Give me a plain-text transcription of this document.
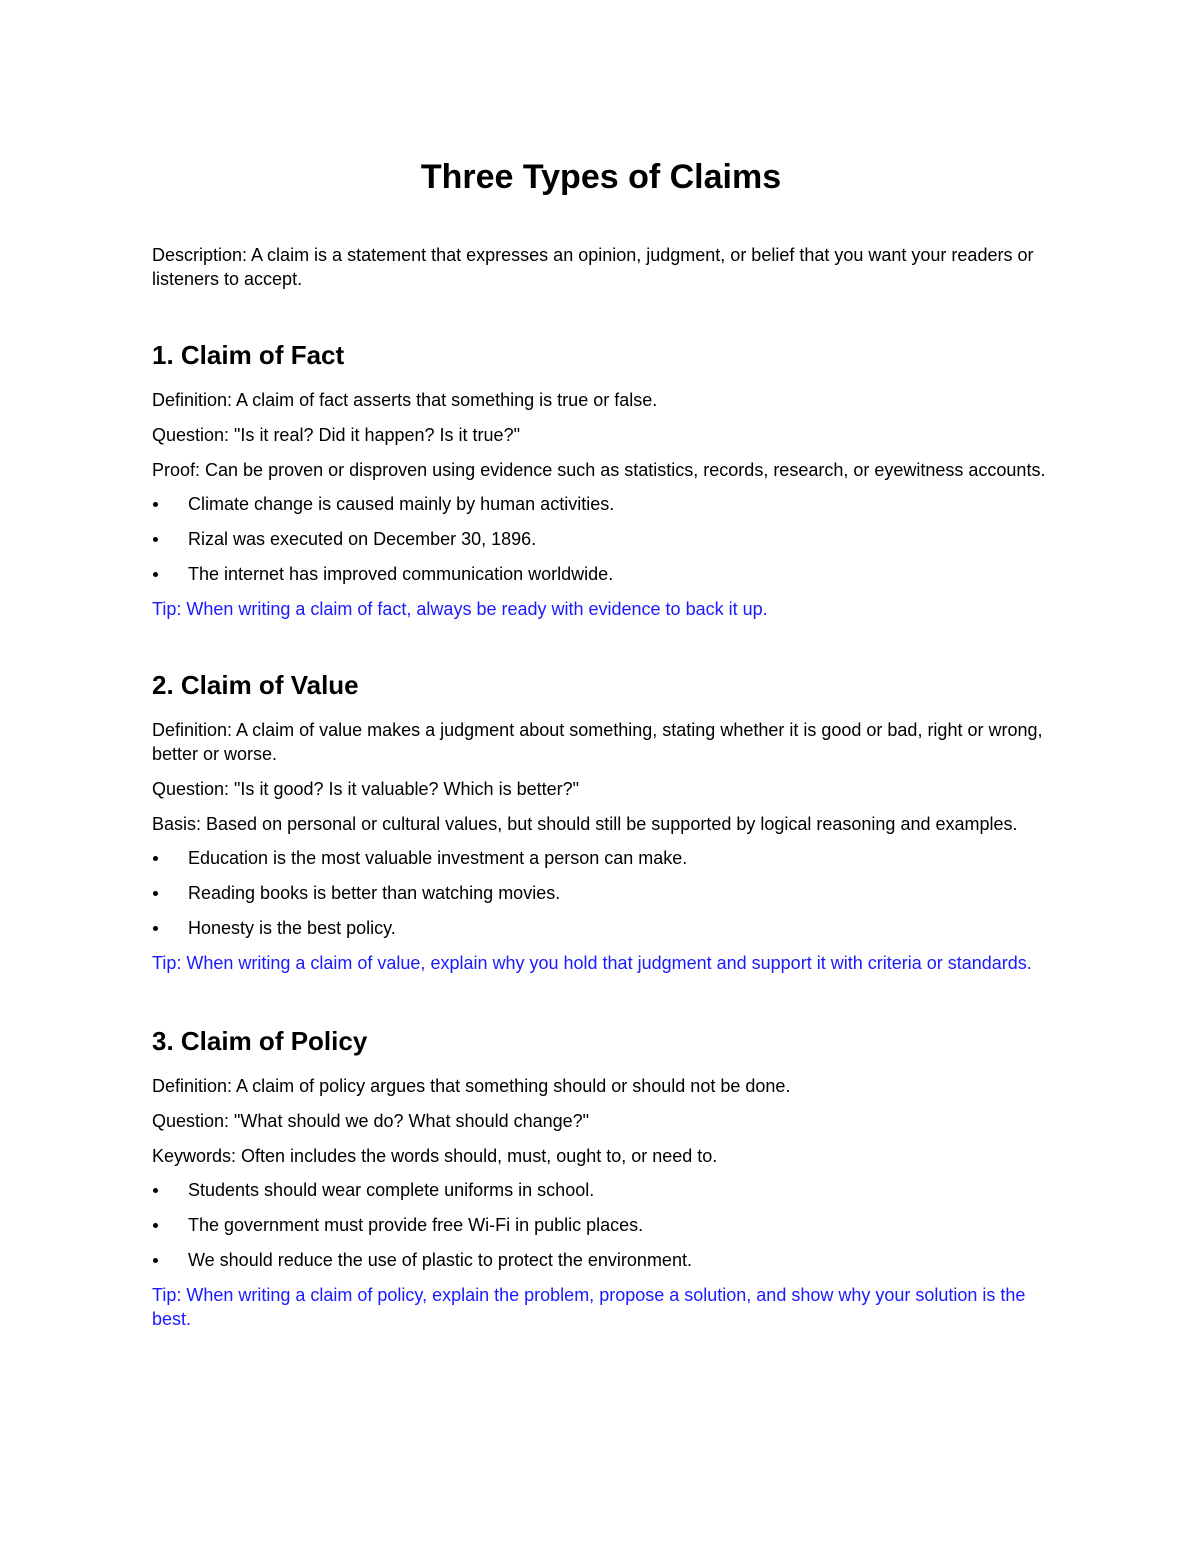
Three Types of Claims

Description: A claim is a statement that expresses an opinion, judgment, or belief that you want your readers or listeners to accept.

1. Claim of Fact

Definition: A claim of fact asserts that something is true or false.

Question: "Is it real? Did it happen? Is it true?"

Proof: Can be proven or disproven using evidence such as statistics, records, research, or eyewitness accounts.

Climate change is caused mainly by human activities.
Rizal was executed on December 30, 1896.
The internet has improved communication worldwide.

Tip: When writing a claim of fact, always be ready with evidence to back it up.

2. Claim of Value

Definition: A claim of value makes a judgment about something, stating whether it is good or bad, right or wrong, better or worse.

Question: "Is it good? Is it valuable? Which is better?"

Basis: Based on personal or cultural values, but should still be supported by logical reasoning and examples.

Education is the most valuable investment a person can make.
Reading books is better than watching movies.
Honesty is the best policy.

Tip: When writing a claim of value, explain why you hold that judgment and support it with criteria or standards.

3. Claim of Policy

Definition: A claim of policy argues that something should or should not be done.

Question: "What should we do? What should change?"

Keywords: Often includes the words should, must, ought to, or need to.

Students should wear complete uniforms in school.
The government must provide free Wi-Fi in public places.
We should reduce the use of plastic to protect the environment.

Tip: When writing a claim of policy, explain the problem, propose a solution, and show why your solution is the best.
